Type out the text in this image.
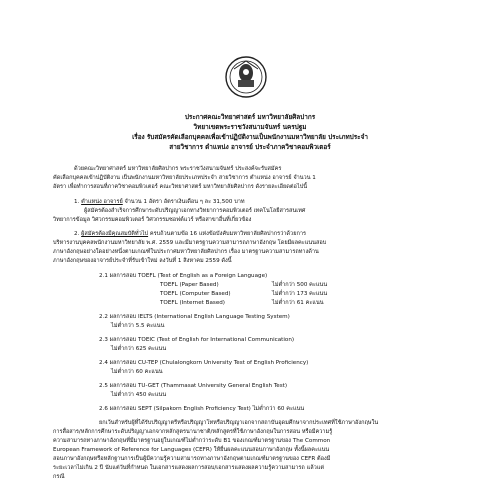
ประกาศคณะวิทยาศาสตร์ มหาวิทยาลัยศิลปากร
วิทยาเขตพระราชวังสนามจันทร์ นครปฐม
เรื่อง รับสมัครคัดเลือกบุคคลเพื่อเข้าปฏิบัติงานเป็นพนักงานมหาวิทยาลัย ประเภทประจำ
สายวิชาการ ตำแหน่ง อาจารย์ ประจำภาควิชาคอมพิวเตอร์
ด้วยคณะวิทยาศาสตร์ มหาวิทยาลัยศิลปากร พระราชวังสนามจันทร์ ประสงค์จะรับสมัคร
คัดเลือกบุคคลเข้าปฏิบัติงาน เป็นพนักงานมหาวิทยาลัยประเภทประจำ สายวิชาการ ตำแหน่ง อาจารย์ จำนวน 1
อัตรา เพื่อทำการสอนที่ภาควิชาคอมพิวเตอร์ คณะวิทยาศาสตร์ มหาวิทยาลัยศิลปากร ดังรายละเอียดต่อไปนี้
1. ตำแหน่ง อาจารย์ จำนวน 1 อัตรา อัตราเงินเดือน ๆ ละ 31,500 บาท
ผู้สมัครต้องสำเร็จการศึกษาระดับปริญญาเอกทางวิทยาการคอมพิวเตอร์ เทคโนโลยีสารสนเทศ
วิทยาการข้อมูล วิศวกรรมคอมพิวเตอร์ วิศวกรรมซอฟต์แวร์ หรือสาขาอื่นที่เกี่ยวข้อง
2. ผู้สมัครต้องมีคุณสมบัติทั่วไป ครบถ้วนตามข้อ 16 แห่งข้อบังคับมหาวิทยาลัยศิลปากรว่าด้วยการ
บริหารงานบุคคลพนักงานมหาวิทยาลัย พ.ศ. 2559 และมีมาตรฐานความสามารถภาษาอังกฤษ โดยมีผลคะแนนสอบ
ภาษาอังกฤษอย่างใดอย่างหนึ่งตามเกณฑ์ในประกาศมหาวิทยาลัยศิลปากร เรื่อง มาตรฐานความสามารถทางด้าน
ภาษาอังกฤษของอาจารย์ประจำที่รับเข้าใหม่ ลงวันที่ 1 สิงหาคม 2559 ดังนี้
2.1 ผลการสอบ TOEFL (Test of English as a Foreign Language)
TOEFL (Paper Based)	ไม่ต่ำกว่า 500 คะแนน
TOEFL (Computer Based)	ไม่ต่ำกว่า 173 คะแนน
TOEFL (Internet Based)	ไม่ต่ำกว่า 61 คะแนน
2.2 ผลการสอบ IELTS (International English Language Testing System)
ไม่ต่ำกว่า 5.5 คะแนน
2.3 ผลการสอบ TOEIC (Test of English for International Communication)
ไม่ต่ำกว่า 625 คะแนน
2.4 ผลการสอบ CU-TEP (Chulalongkorn University Test of English Proficiency)
ไม่ต่ำกว่า 60 คะแนน
2.5 ผลการสอบ TU-GET (Thammasat University General English Test)
ไม่ต่ำกว่า 450 คะแนน
2.6 ผลการสอบ SEPT (Silpakorn English Proficiency Test) ไม่ต่ำกว่า 60 คะแนน
ยกเว้นสำหรับผู้ที่ได้รับปริญญาตรีหรือปริญญาโทหรือปริญญาเอกจากสถาบันอุดมศึกษาจากประเทศที่ใช้ภาษาอังกฤษใน
การสื่อสาร/หลักการศึกษาระดับปริญญาเอกจากหลักสูตรนานาชาติ/หลักสูตรที่ใช้ภาษาอังกฤษในการสอน หรือมีความรู้
ความสามารถทางภาษาอังกฤษที่มีมาตรฐานอยู่ในเกณฑ์ไม่ต่ำกว่าระดับ B1 ของเกณฑ์มาตรฐานของ The Common
European Framework of Reference for Languages (CEFR) ให้ยื่นผลคะแนนสอบภาษาอังกฤษ ทั้งนี้ผลคะแนน
สอบภาษาอังกฤษหรือหลักฐานการเป็นผู้มีความรู้ความสามารถทางภาษาอังกฤษตามเกณฑ์มาตรฐานของ CEFR ต้องมี
ระยะเวลาไม่เกิน 2 ปี นับแต่วันที่กำหนด ในเอกสารแสดงผลการสอบ/เอกสารแสดงผลความรู้ความสามารถ แล้วแต่
กรณี
